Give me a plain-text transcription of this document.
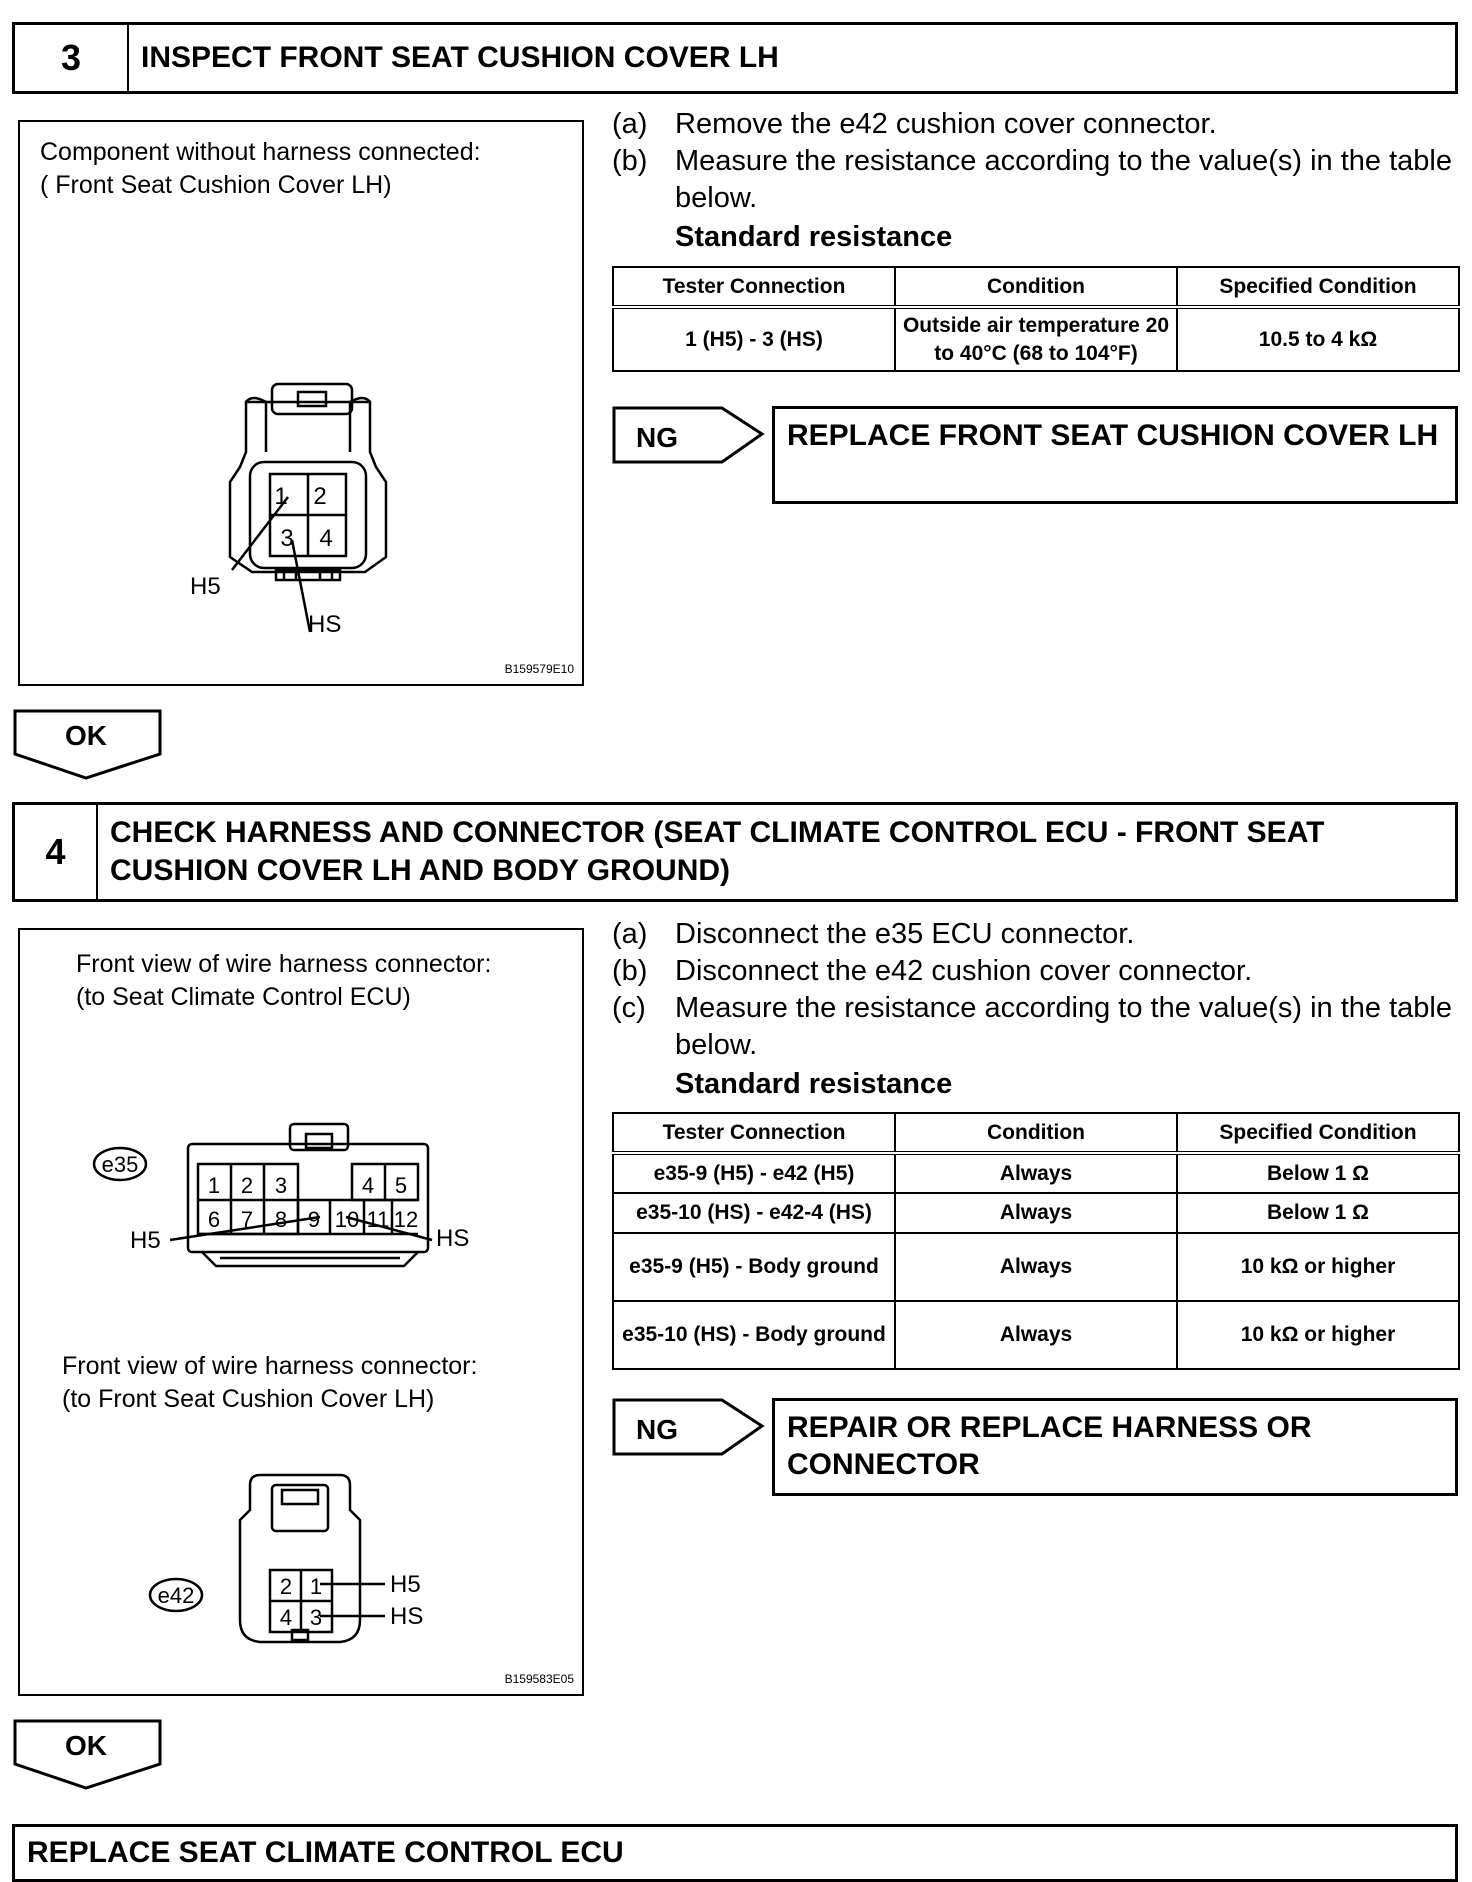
3	INSPECT FRONT SEAT CUSHION COVER LH
Component without harness connected:
( Front Seat Cushion Cover LH)
1 2
3 4
H5
HS
B159579E10
(a) Remove the e42 cushion cover connector.
(b) Measure the resistance according to the value(s) in the table below.
Standard resistance
Tester Connection	Condition	Specified Condition
1 (H5) - 3 (HS)	Outside air temperature 20 to 40°C (68 to 104°F)	10.5 to 4 kΩ
NG	REPLACE FRONT SEAT CUSHION COVER LH
OK
4	CHECK HARNESS AND CONNECTOR (SEAT CLIMATE CONTROL ECU - FRONT SEAT CUSHION COVER LH AND BODY GROUND)
Front view of wire harness connector:
(to Seat Climate Control ECU)
Front view of wire harness connector:
(to Front Seat Cushion Cover LH)
e35
1 2 3	4 5
6 7 8 9 10 11 12
H5	HS
e42	2 1
4 3
H5
HS
B159583E05
(a) Disconnect the e35 ECU connector.
(b) Disconnect the e42 cushion cover connector.
(c)	Measure the resistance according to the value(s) in the table below.
Standard resistance
Tester Connection	Condition	Specified Condition
e35-9 (H5) - e42 (H5)	Always	Below 1 Ω
e35-10 (HS) - e42-4 (HS)	Always	Below 1 Ω
e35-9 (H5) - Body ground	Always	10 kΩ or higher
e35-10 (HS) - Body ground	Always	10 kΩ or higher
NG	REPAIR OR REPLACE HARNESS OR CONNECTOR
OK
REPLACE SEAT CLIMATE CONTROL ECU
